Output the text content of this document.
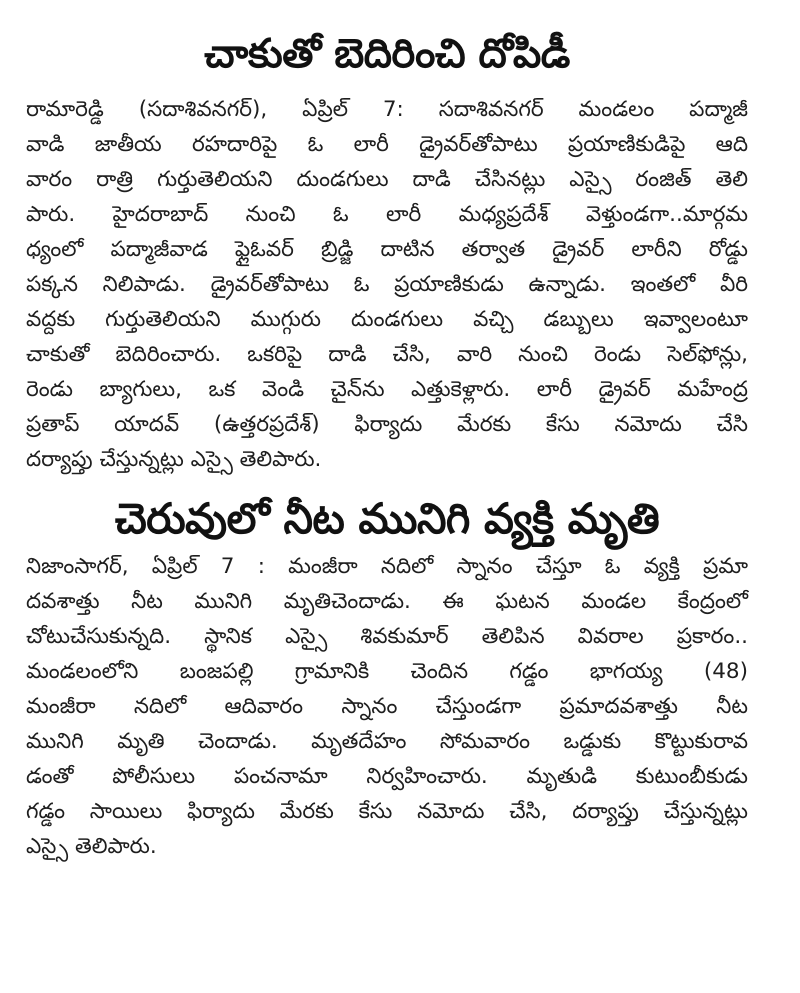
చాకుతో బెదిరించి దోపిడీ
రామారెడ్డి (సదాశివనగర్), ఏప్రిల్ 7: సదాశివనగర్ మండలం పద్మాజీ
వాడి జాతీయ రహదారిపై ఓ లారీ డ్రైవర్‌తోపాటు ప్రయాణికుడిపై ఆది
వారం రాత్రి గుర్తుతెలియని దుండగులు దాడి చేసినట్లు ఎస్సై రంజిత్ తెలి
పారు. హైదరాబాద్ నుంచి ఓ లారీ మధ్యప్రదేశ్ వెళ్తుండగా..మార్గమ
ధ్యంలో పద్మాజీవాడ ఫ్లైఓవర్ బ్రిడ్జి దాటిన తర్వాత డ్రైవర్ లారీని రోడ్డు
పక్కన నిలిపాడు. డ్రైవర్‌తోపాటు ఓ ప్రయాణికుడు ఉన్నాడు. ఇంతలో వీరి
వద్దకు గుర్తుతెలియని ముగ్గురు దుండగులు వచ్చి డబ్బులు ఇవ్వాలంటూ
చాకుతో బెదిరించారు. ఒకరిపై దాడి చేసి, వారి నుంచి రెండు సెల్‌ఫోన్లు,
రెండు బ్యాగులు, ఒక వెండి చైన్‌ను ఎత్తుకెళ్లారు. లారీ డ్రైవర్ మహేంద్ర
ప్రతాప్ యాదవ్ (ఉత్తరప్రదేశ్) ఫిర్యాదు మేరకు కేసు నమోదు చేసి
దర్యాప్తు చేస్తున్నట్లు ఎస్సై తెలిపారు.
చెరువులో నీట మునిగి వ్యక్తి మృతి
నిజాంసాగర్, ఏప్రిల్ 7 : మంజీరా నదిలో స్నానం చేస్తూ ఓ వ్యక్తి ప్రమా
దవశాత్తు నీట మునిగి మృతిచెందాడు. ఈ ఘటన మండల కేంద్రంలో
చోటుచేసుకున్నది. స్థానిక ఎస్సై శివకుమార్ తెలిపిన వివరాల ప్రకారం..
మండలంలోని బంజపల్లి గ్రామానికి చెందిన గడ్డం భాగయ్య (48)
మంజీరా నదిలో ఆదివారం స్నానం చేస్తుండగా ప్రమాదవశాత్తు నీట
మునిగి మృతి చెందాడు. మృతదేహం సోమవారం ఒడ్డుకు కొట్టుకురావ
డంతో పోలీసులు పంచనామా నిర్వహించారు. మృతుడి కుటుంబీకుడు
గడ్డం సాయిలు ఫిర్యాదు మేరకు కేసు నమోదు చేసి, దర్యాప్తు చేస్తున్నట్లు
ఎస్సై తెలిపారు.
